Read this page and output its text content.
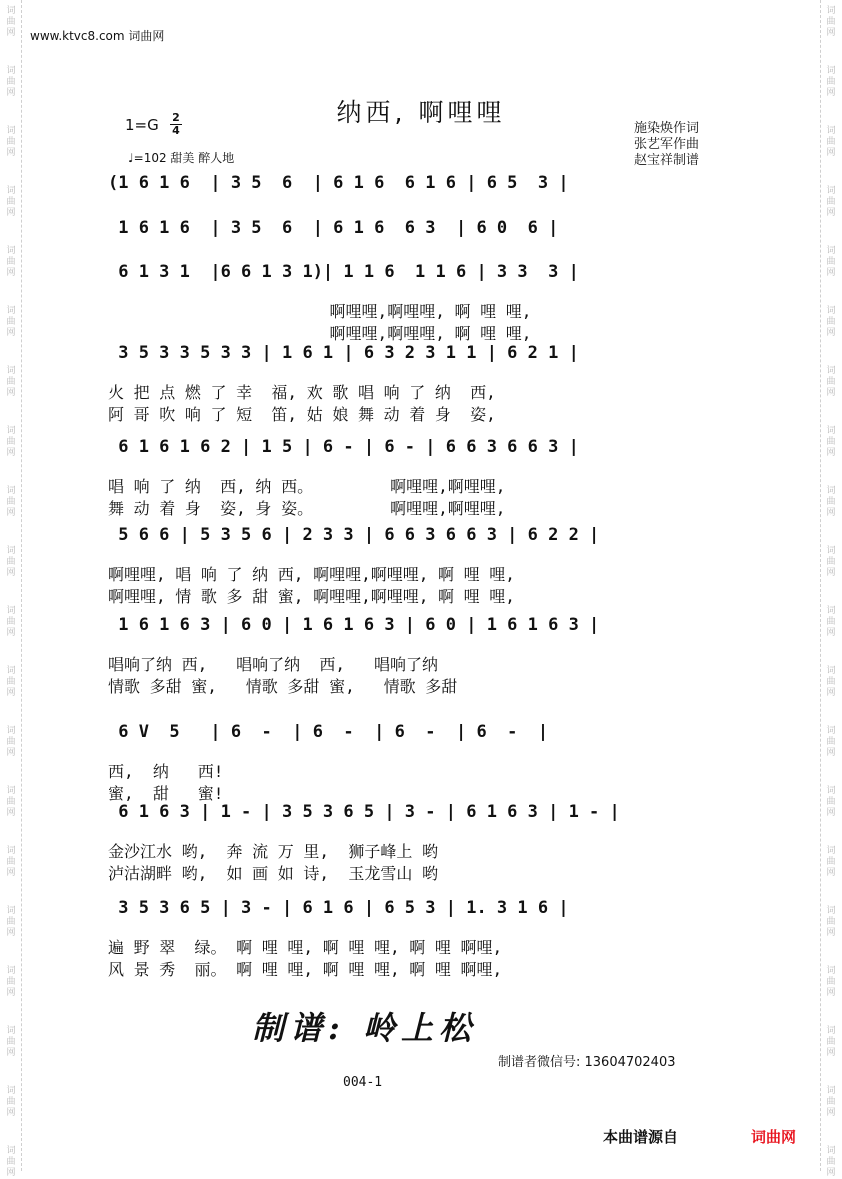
词
曲
网
词
曲
网
词
曲
网
词
曲
网
词
曲
网
词
曲
网
词
曲
网
词
曲
网
词
曲
网
词
曲
网
词
曲
网
词
曲
网
词
曲
网
词
曲
网
词
曲
网
词
曲
网
词
曲
网
词
曲
网
词
曲
网
词
曲
网
词
曲
网
词
曲
网
词
曲
网
词
曲
网
词
曲
网
词
曲
网
词
曲
网
词
曲
网
词
曲
网
词
曲
网
词
曲
网
词
曲
网
词
曲
网
词
曲
网
词
曲
网
词
曲
网
词
曲
网
词
曲
网
词
曲
网
词
曲
网
www.ktvc8.com 词曲网
纳西, 啊哩哩
1=G 2
4
♩=102 甜美 醉人地
施染焕作词
张艺军作曲
赵宝祥制谱
(1 6 1 6  | 3 5  6  | 6 1 6  6 1 6 | 6 5  3 |
1 6 1 6  | 3 5  6  | 6 1 6  6 3  | 6 0  6 |
6 1 3 1  |6 6 1 3 1)| 1 1 6  1 1 6 | 3 3  3 |
啊哩哩,啊哩哩, 啊 哩 哩,
啊哩哩,啊哩哩, 啊 哩 哩,
3 5 3 3 5 3 3 | 1 6 1 | 6 3 2 3 1 1 | 6 2 1 |
火 把 点 燃 了 幸  福, 欢 歌 唱 响 了 纳  西,
阿 哥 吹 响 了 短  笛, 姑 娘 舞 动 着 身  姿,
6 1 6 1 6 2 | 1 5 | 6 - | 6 - | 6 6 3 6 6 3 |
唱 响 了 纳  西, 纳 西。        啊哩哩,啊哩哩,
舞 动 着 身  姿, 身 姿。        啊哩哩,啊哩哩,
5 6 6 | 5 3 5 6 | 2 3 3 | 6 6 3 6 6 3 | 6 2 2 |
啊哩哩, 唱 响 了 纳 西, 啊哩哩,啊哩哩, 啊 哩 哩,
啊哩哩, 情 歌 多 甜 蜜, 啊哩哩,啊哩哩, 啊 哩 哩,
1 6 1 6 3 | 6 0 | 1 6 1 6 3 | 6 0 | 1 6 1 6 3 |
唱响了纳 西,   唱响了纳  西,   唱响了纳
情歌 多甜 蜜,   情歌 多甜 蜜,   情歌 多甜
6 V  5   | 6  -  | 6  -  | 6  -  | 6  -  |
西,  纳   西!
蜜,  甜   蜜!
6 1 6 3 | 1 - | 3 5 3 6 5 | 3 - | 6 1 6 3 | 1 - |
金沙江水 哟,  奔 流 万 里,  狮子峰上 哟
泸沽湖畔 哟,  如 画 如 诗,  玉龙雪山 哟
3 5 3 6 5 | 3 - | 6 1 6 | 6 5 3 | 1. 3 1 6 |
遍 野 翠  绿。 啊 哩 哩, 啊 哩 哩, 啊 哩 啊哩,
风 景 秀  丽。 啊 哩 哩, 啊 哩 哩, 啊 哩 啊哩,
制谱: 岭上松
制谱者微信号: 13604702403
004-1
本曲谱源自	词曲网
